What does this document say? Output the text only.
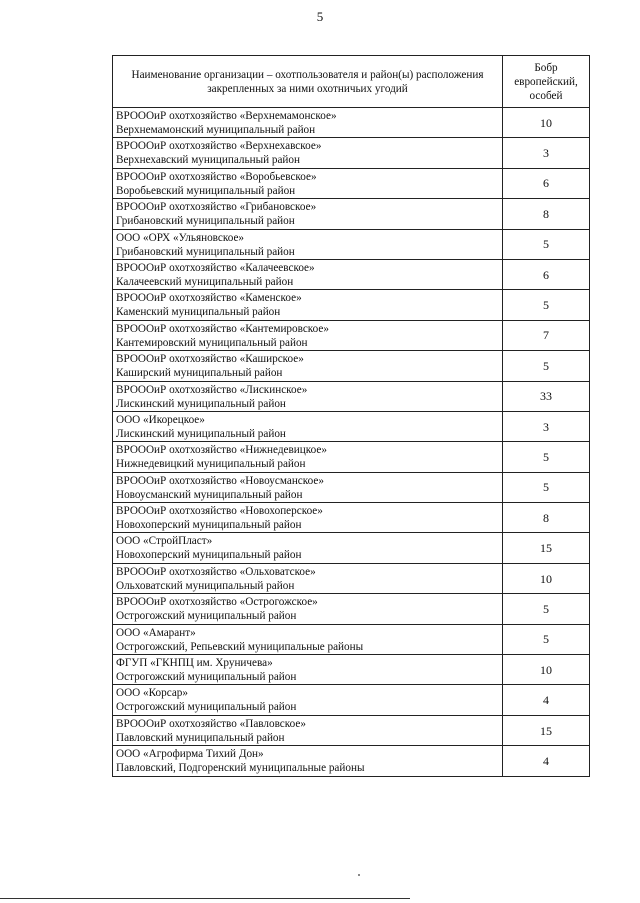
5
Наименование организации – охотпользователя и район(ы) расположения закрепленных за ними охотничьих угодий	Бобр европейский, особей

ВРОООиР охотхозяйство «Верхнемамонское»
Верхнемамонский муниципальный район	10

ВРОООиР охотхозяйство «Верхнехавское»
Верхнехавский муниципальный район	3

ВРОООиР охотхозяйство «Воробьевское»
Воробьевский муниципальный район	6

ВРОООиР охотхозяйство «Грибановское»
Грибановский муниципальный район	8

ООО «ОРХ «Ульяновское»
Грибановский муниципальный район	5

ВРОООиР охотхозяйство «Калачеевское»
Калачеевский муниципальный район	6

ВРОООиР охотхозяйство «Каменское»
Каменский муниципальный район	5

ВРОООиР охотхозяйство «Кантемировское»
Кантемировский муниципальный район	7

ВРОООиР охотхозяйство «Каширское»
Каширский муниципальный район	5

ВРОООиР охотхозяйство «Лискинское»
Лискинский муниципальный район	33

ООО «Икорецкое»
Лискинский муниципальный район	3

ВРОООиР охотхозяйство «Нижнедевицкое»
Нижнедевицкий муниципальный район	5

ВРОООиР охотхозяйство «Новоусманское»
Новоусманский муниципальный район	5

ВРОООиР охотхозяйство «Новохоперское»
Новохоперский муниципальный район	8

ООО «СтройПласт»
Новохоперский муниципальный район	15

ВРОООиР охотхозяйство «Ольховатское»
Ольховатский муниципальный район	10

ВРОООиР охотхозяйство «Острогожское»
Острогожский муниципальный район	5

ООО «Амарант»
Острогожский, Репьевский муниципальные районы	5

ФГУП «ГКНПЦ им. Хруничева»
Острогожский муниципальный район	10

ООО «Корсар»
Острогожский муниципальный район	4

ВРОООиР охотхозяйство «Павловское»
Павловский муниципальный район	15

ООО «Агрофирма Тихий Дон»
Павловский, Подгоренский муниципальные районы	4
